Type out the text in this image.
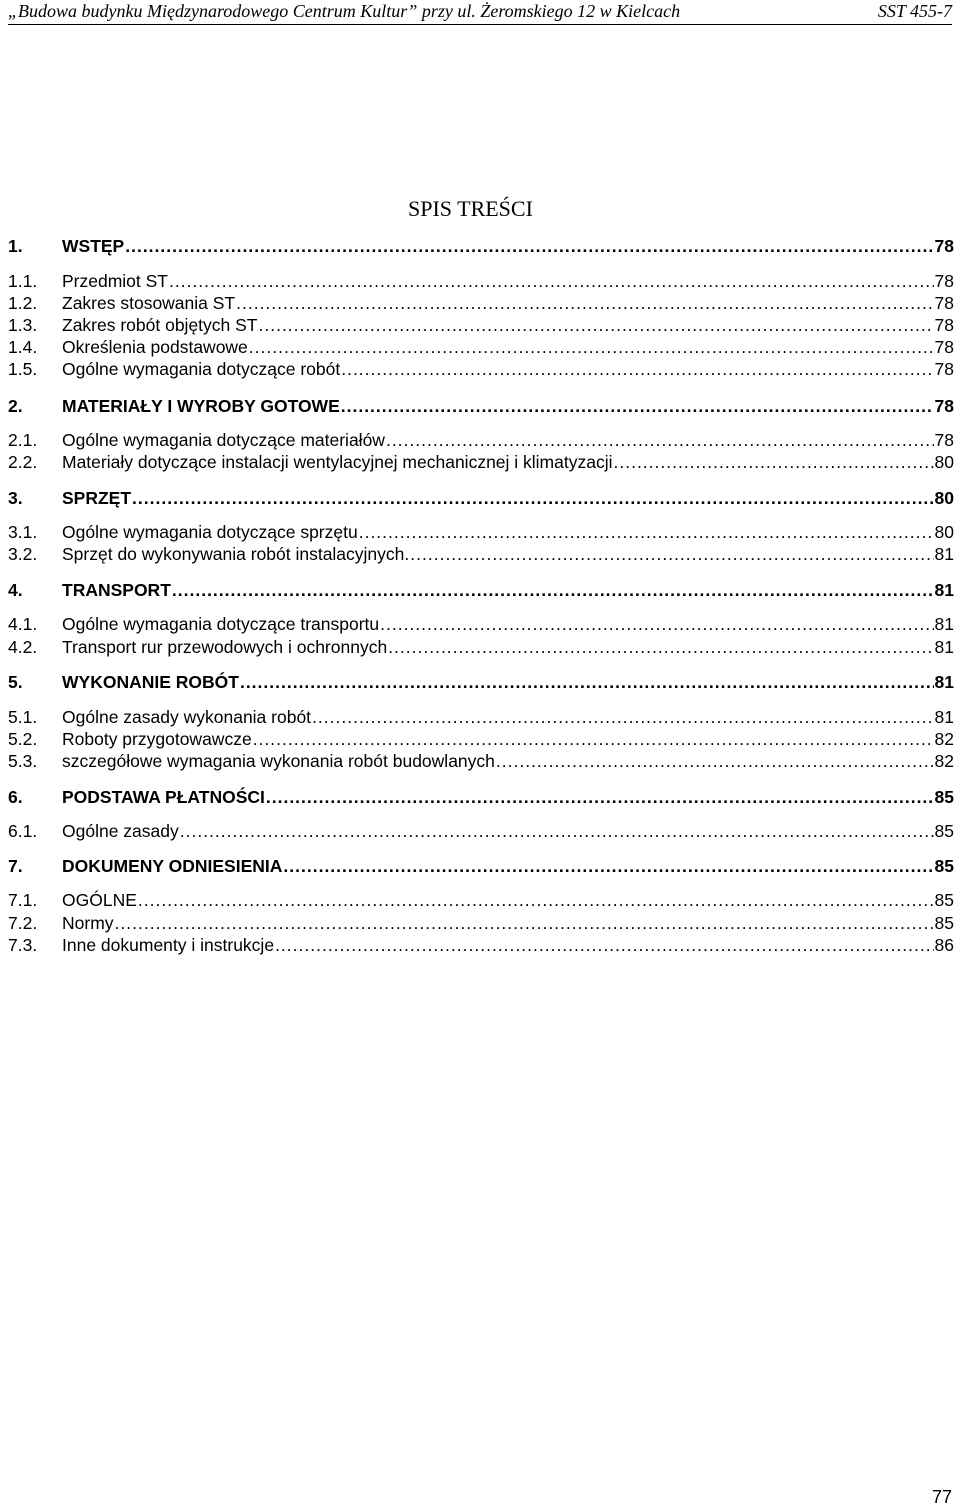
„Budowa budynku Międzynarodowego Centrum Kultur” przy ul. Żeromskiego 12 w Kielcach	SST 455-7
SPIS TREŚCI
1.	WSTĘP .....	78
1.1.	Przedmiot ST .....	78
1.2.	Zakres stosowania ST .....	78
1.3.	Zakres robót objętych ST .....	78
1.4.	Określenia podstawowe .....	78
1.5.	Ogólne wymagania dotyczące robót .....	78
2.	MATERIAŁY I WYROBY GOTOWE .....	78
2.1.	Ogólne wymagania dotyczące materiałów .....	78
2.2.	Materiały dotyczące instalacji wentylacyjnej mechanicznej i klimatyzacji .....	80
3.	SPRZĘT .....	80
3.1.	Ogólne wymagania dotyczące sprzętu .....	80
3.2.	Sprzęt do wykonywania robót instalacyjnych. .....	81
4.	TRANSPORT .....	81
4.1.	Ogólne wymagania dotyczące transportu .....	81
4.2.	Transport rur przewodowych i ochronnych .....	81
5.	WYKONANIE ROBÓT .....	81
5.1.	Ogólne zasady wykonania robót .....	81
5.2.	Roboty przygotowawcze .....	82
5.3.	szczegółowe wymagania wykonania robót budowlanych .....	82
6.	PODSTAWA PŁATNOŚCI .....	85
6.1.	Ogólne zasady .....	85
7.	DOKUMENY ODNIESIENIA .....	85
7.1.	OGÓLNE .....	85
7.2.	Normy .....	85
7.3.	Inne dokumenty i instrukcje .....	86
77
